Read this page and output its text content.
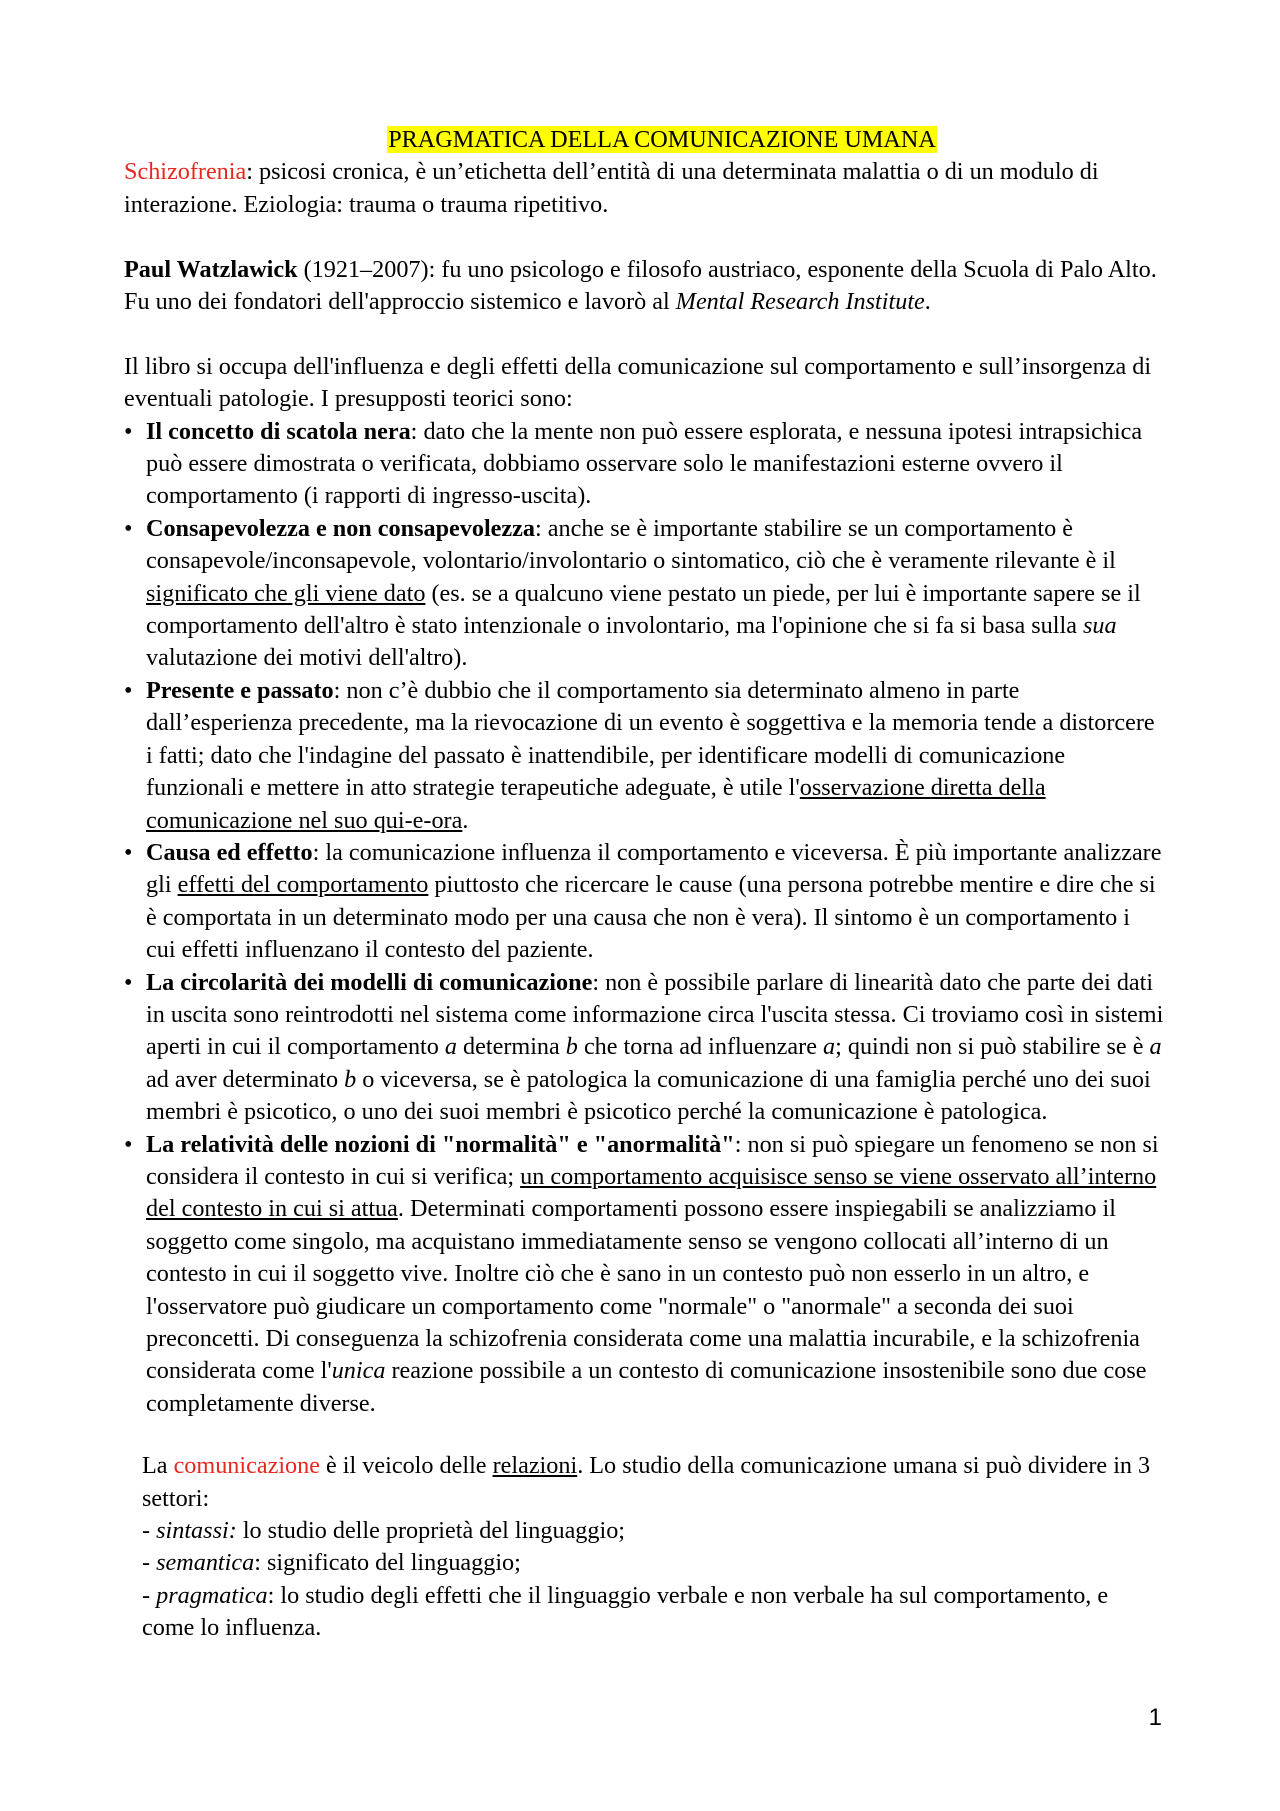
PRAGMATICA DELLA COMUNICAZIONE UMANA

Schizofrenia: psicosi cronica, è un’etichetta dell’entità di una determinata malattia o di un modulo di interazione. Eziologia: trauma o trauma ripetitivo.

Paul Watzlawick (1921–2007): fu uno psicologo e filosofo austriaco, esponente della Scuola di Palo Alto. Fu uno dei fondatori dell'approccio sistemico e lavorò al Mental Research Institute.

Il libro si occupa dell'influenza e degli effetti della comunicazione sul comportamento e sull’insorgenza di eventuali patologie. I presupposti teorici sono:

• Il concetto di scatola nera: dato che la mente non può essere esplorata, e nessuna ipotesi intrapsichica può essere dimostrata o verificata, dobbiamo osservare solo le manifestazioni esterne ovvero il comportamento (i rapporti di ingresso-uscita).
• Consapevolezza e non consapevolezza: anche se è importante stabilire se un comportamento è consapevole/inconsapevole, volontario/involontario o sintomatico, ciò che è veramente rilevante è il significato che gli viene dato (es. se a qualcuno viene pestato un piede, per lui è importante sapere se il comportamento dell'altro è stato intenzionale o involontario, ma l'opinione che si fa si basa sulla sua valutazione dei motivi dell'altro).
• Presente e passato: non c’è dubbio che il comportamento sia determinato almeno in parte dall’esperienza precedente, ma la rievocazione di un evento è soggettiva e la memoria tende a distorcere i fatti; dato che l'indagine del passato è inattendibile, per identificare modelli di comunicazione funzionali e mettere in atto strategie terapeutiche adeguate, è utile l'osservazione diretta della comunicazione nel suo qui-e-ora.
• Causa ed effetto: la comunicazione influenza il comportamento e viceversa. È più importante analizzare gli effetti del comportamento piuttosto che ricercare le cause (una persona potrebbe mentire e dire che si è comportata in un determinato modo per una causa che non è vera). Il sintomo è un comportamento i cui effetti influenzano il contesto del paziente.
• La circolarità dei modelli di comunicazione: non è possibile parlare di linearità dato che parte dei dati in uscita sono reintrodotti nel sistema come informazione circa l'uscita stessa. Ci troviamo così in sistemi aperti in cui il comportamento a determina b che torna ad influenzare a; quindi non si può stabilire se è a ad aver determinato b o viceversa, se è patologica la comunicazione di una famiglia perché uno dei suoi membri è psicotico, o uno dei suoi membri è psicotico perché la comunicazione è patologica.
• La relatività delle nozioni di "normalità" e "anormalità": non si può spiegare un fenomeno se non si considera il contesto in cui si verifica; un comportamento acquisisce senso se viene osservato all’interno del contesto in cui si attua. Determinati comportamenti possono essere inspiegabili se analizziamo il soggetto come singolo, ma acquistano immediatamente senso se vengono collocati all’interno di un contesto in cui il soggetto vive. Inoltre ciò che è sano in un contesto può non esserlo in un altro, e l'osservatore può giudicare un comportamento come "normale" o "anormale" a seconda dei suoi preconcetti. Di conseguenza la schizofrenia considerata come una malattia incurabile, e la schizofrenia considerata come l'unica reazione possibile a un contesto di comunicazione insostenibile sono due cose completamente diverse.

La comunicazione è il veicolo delle relazioni. Lo studio della comunicazione umana si può dividere in 3 settori:

- sintassi: lo studio delle proprietà del linguaggio;

- semantica: significato del linguaggio;

- pragmatica: lo studio degli effetti che il linguaggio verbale e non verbale ha sul comportamento, e come lo influenza.

1
